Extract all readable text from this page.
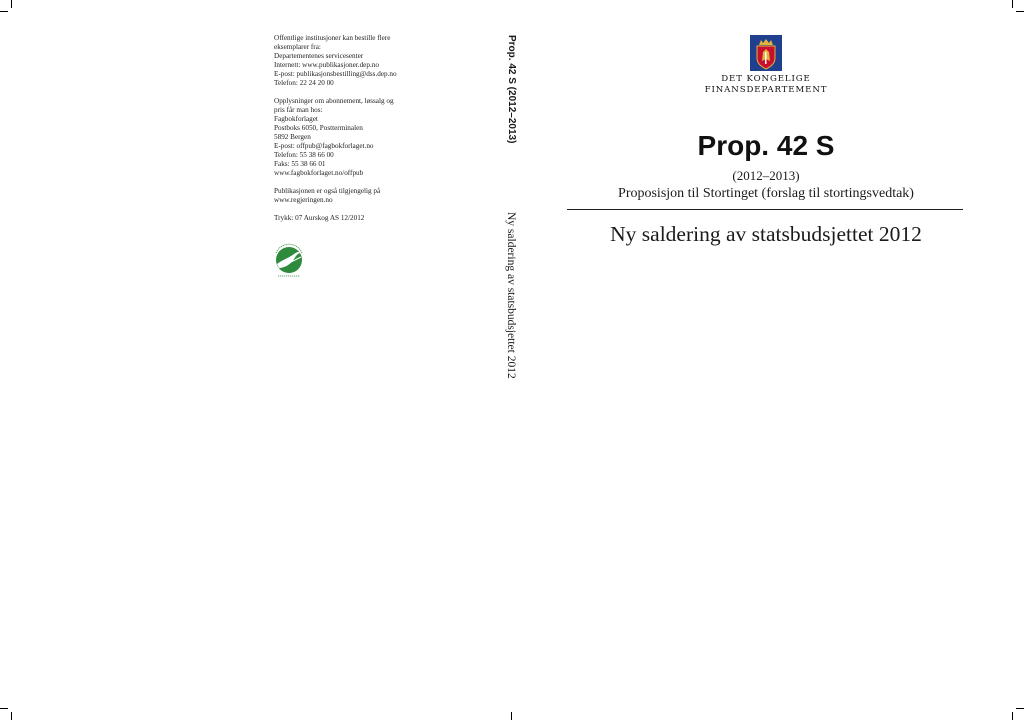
Offentlige institusjoner kan bestille flere
eksemplarer fra:
Departementenes servicesenter
Internett: www.publikasjoner.dep.no
E-post: publikasjonsbestilling@dss.dep.no
Telefon: 22 24 20 00

Opplysninger om abonnement, løssalg og
pris får man hos:
Fagbokforlaget
Postboks 6050, Postterminalen
5892 Bergen
E-post: offpub@fagbokforlaget.no
Telefon: 55 38 66 00
Faks: 55 38 66 01
www.fagbokforlaget.no/offpub

Publikasjonen er også tilgjengelig på
www.regjeringen.no

Trykk: 07 Aurskog AS 12/2012

Prop. 42 S (2012–2013)
Ny saldering av statsbudsjettet 2012
DET KONGELIGE
FINANSDEPARTEMENT
Prop. 42 S
(2012–2013)
Proposisjon til Stortinget (forslag til stortingsvedtak)
Ny saldering av statsbudsjettet 2012
